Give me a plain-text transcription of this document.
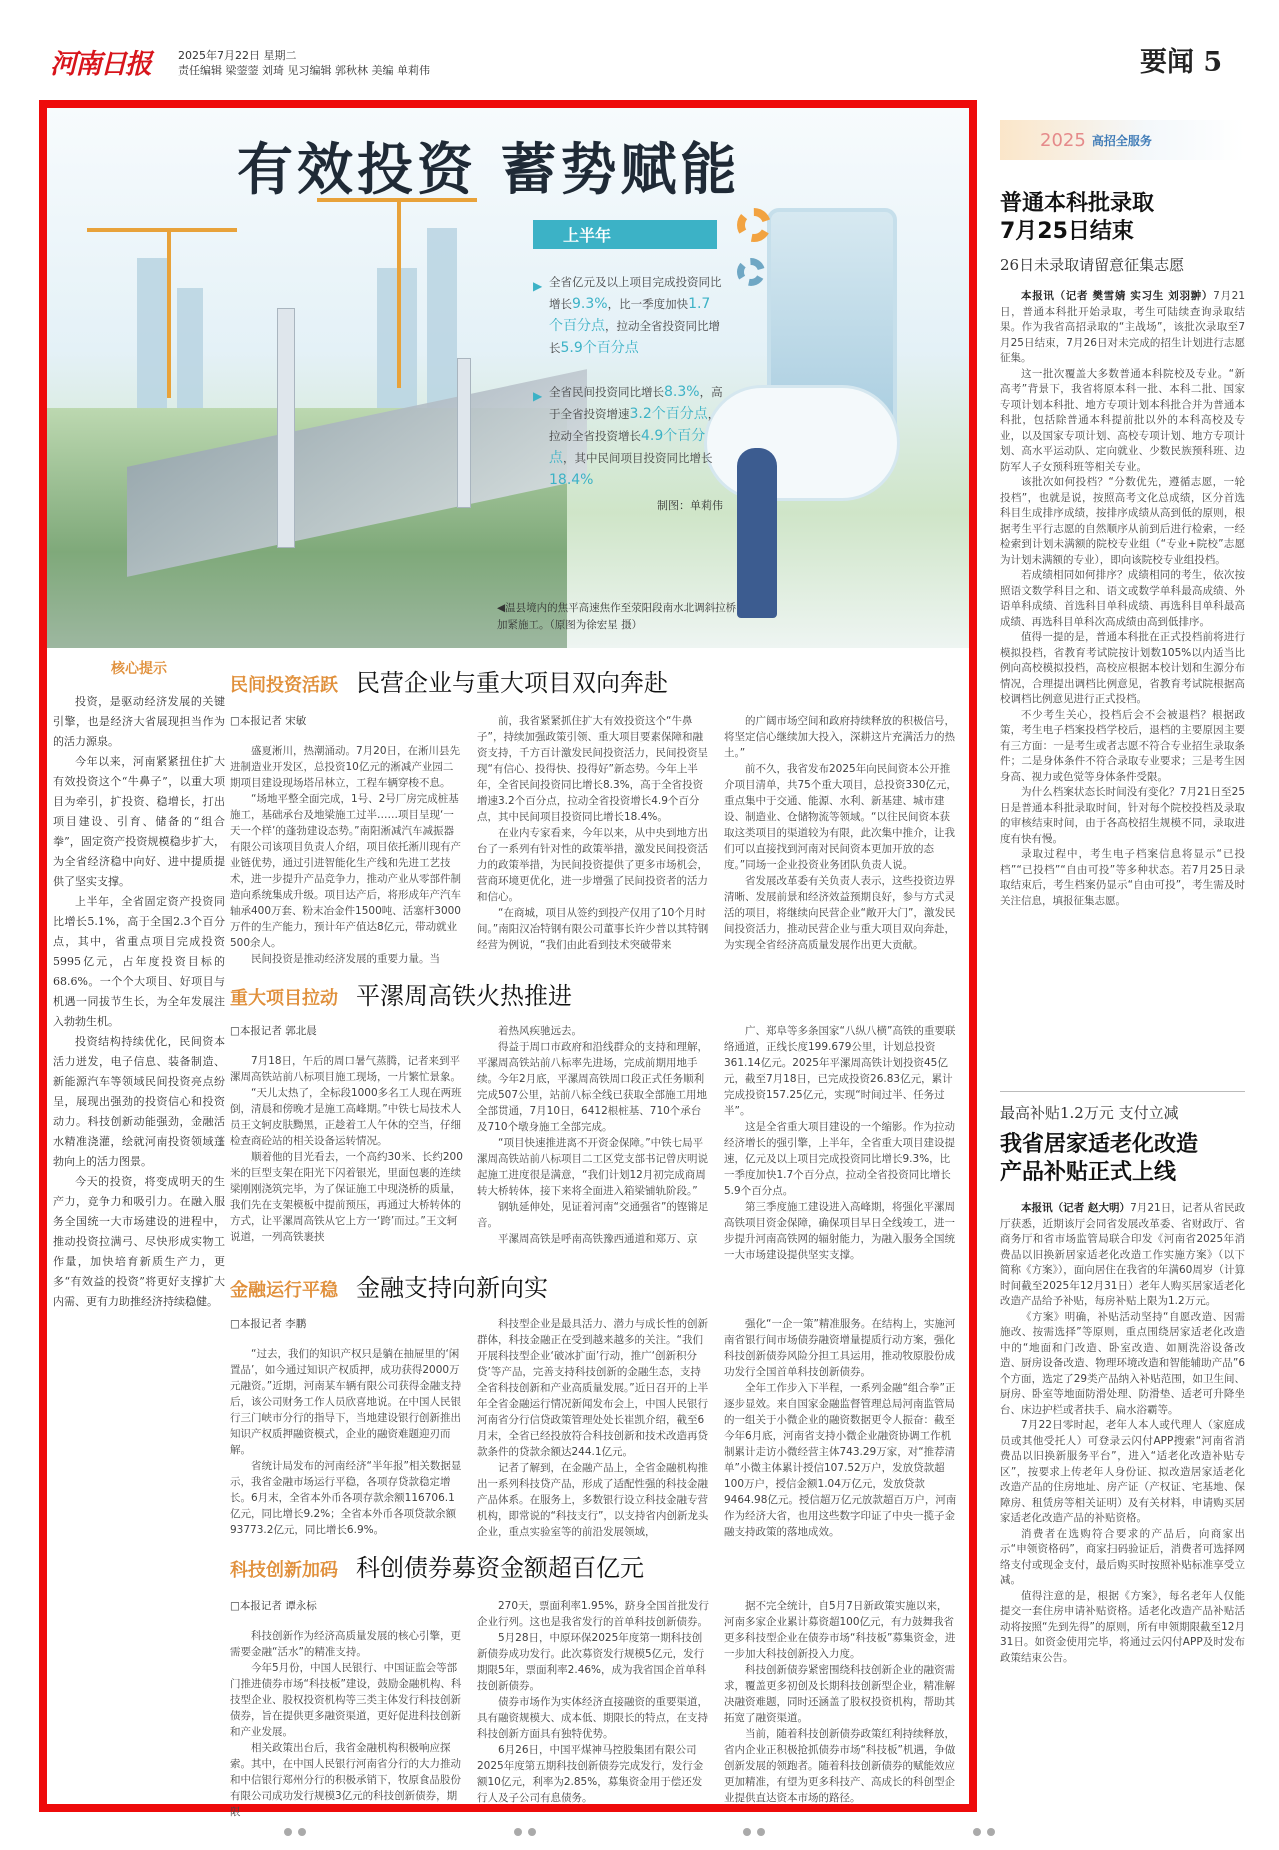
河南日报	2025年7月22日 星期二
责任编辑 梁蓥蓥 刘琦 见习编辑 郭秋林 美编 单莉伟	要闻 5
有效投资 蓄势赋能
上半年
▶ 全省亿元及以上项目完成投资同比增长9.3%，比一季度加快1.7个百分点，拉动全省投资同比增长5.9个百分点
▶ 全省民间投资同比增长8.3%，高于全省投资增速3.2个百分点，拉动全省投资增长4.9个百分点，其中民间项目投资同比增长18.4%
制图：单莉伟
◀温县境内的焦平高速焦作至荥阳段南水北调斜拉桥加紧施工。（原图为徐宏星 摄）
核心提示

投资，是驱动经济发展的关键引擎，也是经济大省展现担当作为的活力源泉。

今年以来，河南紧紧扭住扩大有效投资这个“牛鼻子”，以重大项目为牵引，扩投资、稳增长，打出项目建设、引育、储备的“组合拳”，固定资产投资规模稳步扩大，为全省经济稳中向好、进中提质提供了坚实支撑。

上半年，全省固定资产投资同比增长5.1%，高于全国2.3个百分点，其中，省重点项目完成投资5995亿元，占年度投资目标的68.6%。一个个大项目、好项目与机遇一同拔节生长，为全年发展注入勃勃生机。

投资结构持续优化，民间资本活力迸发，电子信息、装备制造、新能源汽车等领域民间投资亮点纷呈，展现出强劲的投资信心和投资动力。科技创新动能强劲，金融活水精准浇灌，绘就河南投资领域蓬勃向上的活力图景。

今天的投资，将变成明天的生产力，竞争力和吸引力。在融入服务全国统一大市场建设的进程中，推动投资拉满弓、尽快形成实物工作量，加快培育新质生产力，更多“有效益的投资”将更好支撑扩大内需、更有力助推经济持续稳健。

民间投资活跃 民营企业与重大项目双向奔赴

□本报记者 宋敏

盛夏淅川，热潮涌动。7月20日，在淅川县先进制造业开发区，总投资10亿元的淅减产业园二期项目建设现场塔吊林立，工程车辆穿梭不息。

“场地平整全面完成，1号、2号厂房完成桩基施工，基础承台及地梁施工过半……项目呈现‘一天一个样’的蓬勃建设态势。”南阳淅减汽车减振器有限公司该项目负责人介绍，项目依托淅川现有产业链优势，通过引进智能化生产线和先进工艺技术，进一步提升产品竞争力，推动产业从零部件制造向系统集成升级。项目达产后，将形成年产汽车轴承400万套、粉末冶金件1500吨、活塞杆3000万件的生产能力，预计年产值达8亿元，带动就业500余人。

民间投资是推动经济发展的重要力量。当

前，我省紧紧抓住扩大有效投资这个“牛鼻子”，持续加强政策引领、重大项目要素保障和融资支持，千方百计激发民间投资活力，民间投资呈现“有信心、投得快、投得好”新态势。今年上半年，全省民间投资同比增长8.3%，高于全省投资增速3.2个百分点，拉动全省投资增长4.9个百分点，其中民间项目投资同比增长18.4%。

在业内专家看来，今年以来，从中央到地方出台了一系列有针对性的政策举措，激发民间投资活力的政策举措，为民间投资提供了更多市场机会，营商环境更优化，进一步增强了民间投资者的活力和信心。

“在商城，项目从签约到投产仅用了10个月时间。”南阳汉冶特钢有限公司董事长许少普以其特钢经营为例说，“我们由此看到技术突破带来

的广阔市场空间和政府持续释放的积极信号，将坚定信心继续加大投入，深耕这片充满活力的热土。”

前不久，我省发布2025年向民间资本公开推介项目清单，共75个重大项目，总投资330亿元，重点集中于交通、能源、水利、新基建、城市建设、制造业、仓储物流等领域。“以往民间资本获取这类项目的渠道较为有限，此次集中推介，让我们可以直接找到河南对民间资本更加开放的态度。”同场一企业投资业务团队负责人说。

省发展改革委有关负责人表示，这些投资边界清晰、发展前景和经济效益预期良好，参与方式灵活的项目，将继续向民营企业“敞开大门”，激发民间投资活力，推动民营企业与重大项目双向奔赴，为实现全省经济高质量发展作出更大贡献。

重大项目拉动 平漯周高铁火热推进

□本报记者 郭北晨

7月18日，午后的周口暑气蒸腾，记者来到平漯周高铁站前八标项目施工现场，一片繁忙景象。

“天儿太热了，全标段1000多名工人现在两班倒，清晨和傍晚才是施工高峰期。”中铁七局技术人员王文轲皮肤黝黑，正趁着工人午休的空当，仔细检查商砼站的相关设备运转情况。

顺着他的目光看去，一个高约30米、长约200米的巨型支架在阳光下闪着银光，里面包裹的连续梁刚刚浇筑完毕，为了保证施工中现浇桥的质量，我们先在支架模板中提前预压，再通过大桥转体的方式，让平漯周高铁从它上方一‘跨’而过。”王文轲说道，一列高铁裹挟

着热风疾驰远去。

得益于周口市政府和沿线群众的支持和理解，平漯周高铁站前八标率先进场，完成前期用地手续。今年2月底，平漯周高铁周口段正式任务顺利完成507公里，站前八标全线已获取全部施工用地全部贯通，7月10日，6412根桩基、710个承台及710个墩身施工全部完成。

“项目快速推进离不开资金保障。”中铁七局平漯周高铁站前八标项目二工区党支部书记曾庆明说起施工进度很是满意，“我们计划12月初完成商周转大桥转体，接下来将全面进入箱梁铺轨阶段。”

钢轨延伸处，见证着河南“交通强省”的铿锵足音。

平漯周高铁是呼南高铁豫西通道和郑万、京

广、郑阜等多条国家“八纵八横”高铁的重要联络通道，正线长度199.679公里，计划总投资361.14亿元。2025年平漯周高铁计划投资45亿元，截至7月18日，已完成投资26.83亿元，累计完成投资157.25亿元，实现“时间过半、任务过半”。

这是全省重大项目建设的一个缩影。作为拉动经济增长的强引擎，上半年，全省重大项目建设提速，亿元及以上项目完成投资同比增长9.3%，比一季度加快1.7个百分点，拉动全省投资同比增长5.9个百分点。

第三季度施工建设进入高峰期，将强化平漯周高铁项目资金保障，确保项目早日全线竣工，进一步提升河南高铁网的辐射能力，为融入服务全国统一大市场建设提供坚实支撑。

金融运行平稳 金融支持向新向实

□本报记者 李鹏

“过去，我们的知识产权只是躺在抽屉里的‘闲置品’，如今通过知识产权质押，成功获得2000万元融资。”近期，河南某车辆有限公司获得金融支持后，该公司财务工作人员欣喜地说。在中国人民银行三门峡市分行的指导下，当地建设银行创新推出知识产权质押融资模式，企业的融资难题迎刃而解。

省统计局发布的河南经济“半年报”相关数据显示，我省金融市场运行平稳，各项存贷款稳定增长。6月末，全省本外币各项存款余额116706.1亿元，同比增长9.2%；全省本外币各项贷款余额93773.2亿元，同比增长6.9%。

科技型企业是最具活力、潜力与成长性的创新群体，科技金融正在受到越来越多的关注。“我们开展科技型企业‘破冰扩面’行动，推广‘创新积分贷’等产品，完善支持科技创新的金融生态，支持全省科技创新和产业高质量发展。”近日召开的上半年全省金融运行情况新闻发布会上，中国人民银行河南省分行信贷政策管理处处长崔凯介绍，截至6月末，全省已经投放符合科技创新和技术改造再贷款条件的贷款余额达244.1亿元。

记者了解到，在金融产品上，全省金融机构推出一系列科技贷产品，形成了适配性强的科技金融产品体系。在服务上，多数银行设立科技金融专营机构，即常说的“科技支行”，以支持省内创新龙头企业，重点实验室等的前沿发展领域，

强化“一企一策”精准服务。在结构上，实施河南省银行间市场债券融资增量提质行动方案，强化科技创新债券风险分担工具运用，推动牧原股份成功发行全国首单科技创新债券。

全年工作步入下半程，一系列金融“组合拳”正逐步显效。来自国家金融监督管理总局河南监管局的一组关于小微企业的融资数据更令人振奋：截至今年6月底，河南省支持小微企业融资协调工作机制累计走访小微经营主体743.29万家，对“推荐清单”小微主体累计授信107.52万户，发放贷款超100万户，授信金额1.04万亿元，发放贷款9464.98亿元。授信超万亿元放款超百万户，河南作为经济大省，也用这些数字印证了中央一揽子金融支持政策的落地成效。

科技创新加码 科创债券募资金额超百亿元

□本报记者 谭永标

科技创新作为经济高质量发展的核心引擎，更需要金融“活水”的精准支持。

今年5月份，中国人民银行、中国证监会等部门推进债券市场“科技板”建设，鼓励金融机构、科技型企业、股权投资机构等三类主体发行科技创新债券，旨在提供更多融资渠道，更好促进科技创新和产业发展。

相关政策出台后，我省金融机构积极响应探索。其中，在中国人民银行河南省分行的大力推动和中信银行郑州分行的积极承销下，牧原食品股份有限公司成功发行规模3亿元的科技创新债券，期限

270天，票面利率1.95%，跻身全国首批发行企业行列。这也是我省发行的首单科技创新债券。

5月28日，中原环保2025年度第一期科技创新债券成功发行。此次募资发行规模5亿元，发行期限5年，票面利率2.46%，成为我省国企首单科技创新债券。

债券市场作为实体经济直接融资的重要渠道，具有融资规模大、成本低、期限长的特点，在支持科技创新方面具有独特优势。

6月26日，中国平煤神马控股集团有限公司2025年度第五期科技创新债券完成发行，发行金额10亿元，利率为2.85%，募集资金用于偿还发行人及子公司有息债务。

据不完全统计，自5月7日新政策实施以来，河南多家企业累计募资超100亿元，有力鼓舞我省更多科技型企业在债券市场“科技板”募集资金，进一步加大科技创新投入力度。

科技创新债券紧密围绕科技创新企业的融资需求，覆盖更多初创及长期科技创新型企业，精准解决融资难题，同时还涵盖了股权投资机构，帮助其拓宽了融资渠道。

当前，随着科技创新债券政策红利持续释放，省内企业正积极抢抓债券市场“科技板”机遇，争做创新发展的领跑者。随着科技创新债券的赋能效应更加精准，有望为更多科技产、高成长的科创型企业提供直达资本市场的路径。

2025 高招全服务
普通本科批录取
7月25日结束
26日未录取请留意征集志愿

本报讯（记者 樊雪婧 实习生 刘羽翀）7月21日，普通本科批开始录取，考生可陆续查询录取结果。作为我省高招录取的“主战场”，该批次录取至7月25日结束，7月26日对未完成的招生计划进行志愿征集。

这一批次覆盖大多数普通本科院校及专业。“新高考”背景下，我省将原本科一批、本科二批、国家专项计划本科批、地方专项计划本科批合并为普通本科批，包括除普通本科提前批以外的本科高校及专业，以及国家专项计划、高校专项计划、地方专项计划、高水平运动队、定向就业、少数民族预科班、边防军人子女预科班等相关专业。

该批次如何投档？“分数优先，遵循志愿，一轮投档”，也就是说，按照高考文化总成绩，区分首选科目生成排序成绩，按排序成绩从高到低的原则，根据考生平行志愿的自然顺序从前到后进行检索，一经检索到计划未满额的院校专业组（“专业+院校”志愿为计划未满额的专业），即向该院校专业组投档。

若成绩相同如何排序？成绩相同的考生，依次按照语文数学科目之和、语文或数学单科最高成绩、外语单科成绩、首选科目单科成绩、再选科目单科最高成绩、再选科目单科次高成绩由高到低排序。

值得一提的是，普通本科批在正式投档前将进行模拟投档，省教育考试院按计划数105%以内适当比例向高校模拟投档，高校应根据本校计划和生源分布情况，合理提出调档比例意见，省教育考试院根据高校调档比例意见进行正式投档。

不少考生关心，投档后会不会被退档？根据政策，考生电子档案投档学校后，退档的主要原因主要有三方面：一是考生或者志愿不符合专业招生录取条件；二是身体条件不符合录取专业要求；三是考生因身高、视力或色觉等身体条件受限。

为什么档案状态长时间没有变化？7月21日至25日是普通本科批录取时间，针对每个院校投档及录取的审核结束时间，由于各高校招生规模不同，录取进度有快有慢。

录取过程中，考生电子档案信息将显示“已投档”“已投档”“自由可投”等多种状态。若7月25日录取结束后，考生档案仍显示“自由可投”，考生需及时关注信息，填报征集志愿。

最高补贴1.2万元 支付立减
我省居家适老化改造
产品补贴正式上线

本报讯（记者 赵大明）7月21日，记者从省民政厅获悉，近期该厅会同省发展改革委、省财政厅、省商务厅和省市场监管局联合印发《河南省2025年消费品以旧换新居家适老化改造工作实施方案》（以下简称《方案》），面向居住在我省的年满60周岁（计算时间截至2025年12月31日）老年人购买居家适老化改造产品给予补贴，每房补贴上限为1.2万元。

《方案》明确，补贴活动坚持“自愿改造、因需施改、按需选择”等原则，重点围绕居家适老化改造中的“地面和门改造、卧室改造、如厕洗浴设备改造、厨房设备改造、物理环境改造和智能辅助产品”6个方面，选定了29类产品纳入补贴范围，如卫生间、厨房、卧室等地面防滑处理、防滑垫、适老可升降坐台、床边护栏或者扶手、扁水浴霸等。

7月22日零时起，老年人本人或代理人（家庭成员或其他受托人）可登录云闪付APP搜索“河南省消费品以旧换新服务平台”，进入“适老化改造补贴专区”，按要求上传老年人身份证、拟改造居家适老化改造产品的住房地址、房产证（产权证、宅基地、保障房、租赁房等相关证明）及有关材料，申请购买居家适老化改造产品的补贴资格。

消费者在选购符合要求的产品后，向商家出示“申领资格码”，商家扫码验证后，消费者可选择网络支付或现金支付，最后购买时按照补贴标准享受立减。

值得注意的是，根据《方案》，每名老年人仅能提交一套住房申请补贴资格。适老化改造产品补贴活动将按照“先到先得”的原则，所有申领期限截至12月31日。如资金使用完毕，将通过云闪付APP及时发布政策结束公告。
